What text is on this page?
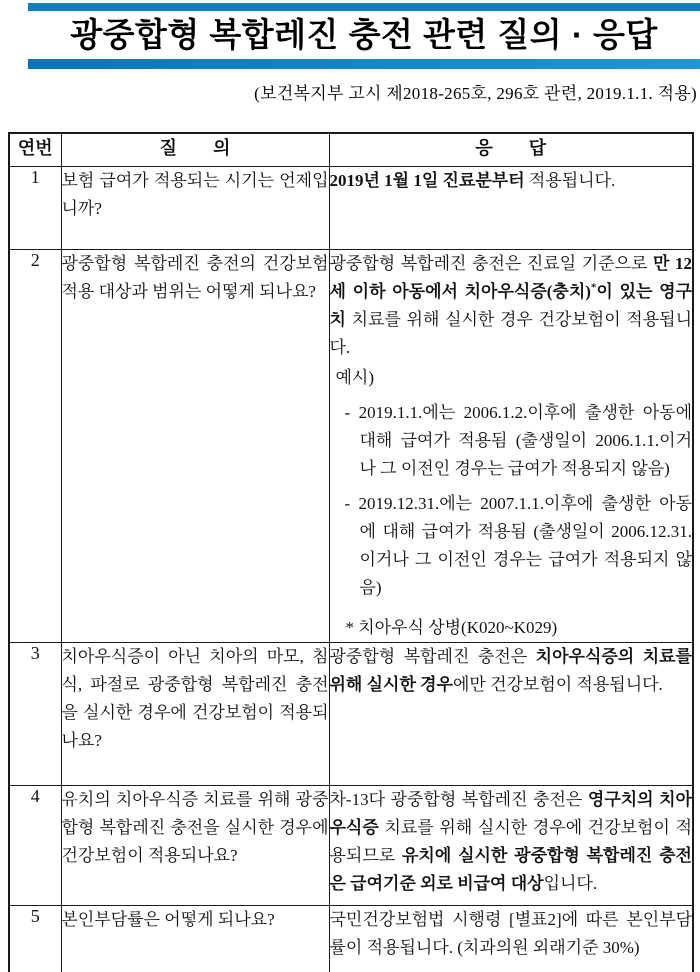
광중합형 복합레진 충전 관련 질의 · 응답
(보건복지부 고시 제2018-265호, 296호 관련, 2019.1.1. 적용)
연번	질  의	응  답
1	보험 급여가 적용되는 시기는 언제입니까?	2019년 1월 1일 진료분부터 적용됩니다.

2	광중합형 복합레진 충전의 건강보험 적용 대상과 범위는 어떻게 되나요?	광중합형 복합레진 충전은 진료일 기준으로 만 12세 이하 아동에서 치아우식증(충치)*이 있는 영구치 치료를 위해 실시한 경우 건강보험이 적용됩니다.
예시)
- 2019.1.1.에는 2006.1.2.이후에 출생한 아동에 대해 급여가 적용됨 (출생일이 2006.1.1.이거나 그 이전인 경우는 급여가 적용되지 않음)
- 2019.12.31.에는 2007.1.1.이후에 출생한 아동에 대해 급여가 적용됨 (출생일이 2006.12.31.이거나 그 이전인 경우는 급여가 적용되지 않음)
* 치아우식 상병(K020~K029)

3	치아우식증이 아닌 치아의 마모, 침식, 파절로 광중합형 복합레진 충전을 실시한 경우에 건강보험이 적용되나요?	광중합형 복합레진 충전은 치아우식증의 치료를 위해 실시한 경우에만 건강보험이 적용됩니다.

4	유치의 치아우식증 치료를 위해 광중합형 복합레진 충전을 실시한 경우에 건강보험이 적용되나요?	차-13다 광중합형 복합레진 충전은 영구치의 치아우식증 치료를 위해 실시한 경우에 건강보험이 적용되므로 유치에 실시한 광중합형 복합레진 충전은 급여기준 외로 비급여 대상입니다.

5	본인부담률은 어떻게 되나요?	국민건강보험법 시행령 [별표2]에 따른 본인부담률이 적용됩니다. (치과의원 외래기준 30%)
